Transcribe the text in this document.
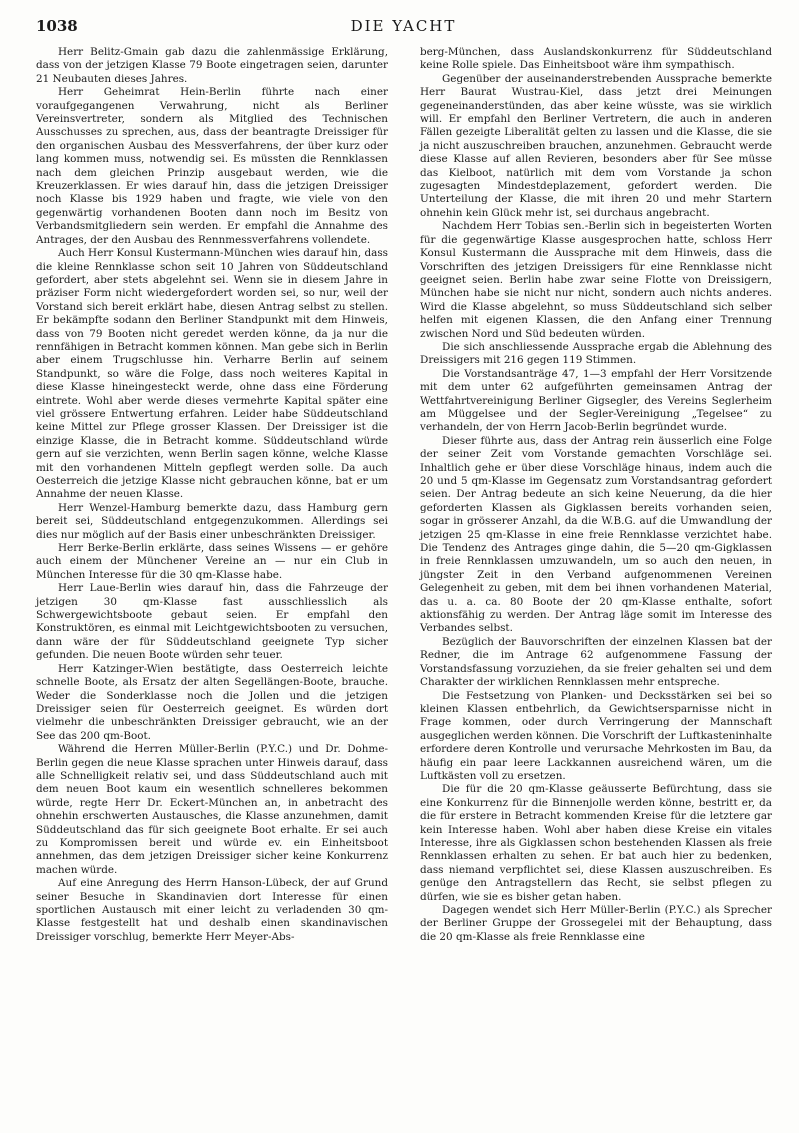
1038	DIE YACHT

Herr Belitz-Gmain gab dazu die zahlenmässige Erklärung, dass von der jetzigen Klasse 79 Boote eingetragen seien, darunter 21 Neubauten dieses Jahres.

Herr Geheimrat Hein-Berlin führte nach einer voraufgegangenen Verwahrung, nicht als Berliner Vereinsvertreter, sondern als Mitglied des Technischen Ausschusses zu sprechen, aus, dass der beantragte Dreissiger für den organischen Ausbau des Messverfahrens, der über kurz oder lang kommen muss, notwendig sei. Es müssten die Rennklassen nach dem gleichen Prinzip ausgebaut werden, wie die Kreuzerklassen. Er wies darauf hin, dass die jetzigen Dreissiger noch Klasse bis 1929 haben und fragte, wie viele von den gegenwärtig vorhandenen Booten dann noch im Besitz von Verbandsmitgliedern sein werden. Er empfahl die Annahme des Antrages, der den Ausbau des Rennmessverfahrens vollendete.

Auch Herr Konsul Kustermann-München wies darauf hin, dass die kleine Rennklasse schon seit 10 Jahren von Süddeutschland gefordert, aber stets abgelehnt sei. Wenn sie in diesem Jahre in präziser Form nicht wiedergefordert worden sei, so nur, weil der Vorstand sich bereit erklärt habe, diesen Antrag selbst zu stellen. Er bekämpfte sodann den Berliner Standpunkt mit dem Hinweis, dass von 79 Booten nicht geredet werden könne, da ja nur die rennfähigen in Betracht kommen können. Man gebe sich in Berlin aber einem Trugschlusse hin. Verharre Berlin auf seinem Standpunkt, so wäre die Folge, dass noch weiteres Kapital in diese Klasse hineingesteckt werde, ohne dass eine Förderung eintrete. Wohl aber werde dieses vermehrte Kapital später eine viel grössere Entwertung erfahren. Leider habe Süddeutschland keine Mittel zur Pflege grosser Klassen. Der Dreissiger ist die einzige Klasse, die in Betracht komme. Süddeutschland würde gern auf sie verzichten, wenn Berlin sagen könne, welche Klasse mit den vorhandenen Mitteln gepflegt werden solle. Da auch Oesterreich die jetzige Klasse nicht gebrauchen könne, bat er um Annahme der neuen Klasse.

Herr Wenzel-Hamburg bemerkte dazu, dass Hamburg gern bereit sei, Süddeutschland entgegenzukommen. Allerdings sei dies nur möglich auf der Basis einer unbeschränkten Dreissiger.

Herr Berke-Berlin erklärte, dass seines Wissens — er gehöre auch einem der Münchener Vereine an — nur ein Club in München Interesse für die 30 qm-Klasse habe.

Herr Laue-Berlin wies darauf hin, dass die Fahrzeuge der jetzigen 30 qm-Klasse fast ausschliesslich als Schwergewichtsboote gebaut seien. Er empfahl den Konstruktören, es einmal mit Leichtgewichtsbooten zu versuchen, dann wäre der für Süddeutschland geeignete Typ sicher gefunden. Die neuen Boote würden sehr teuer.

Herr Katzinger-Wien bestätigte, dass Oesterreich leichte schnelle Boote, als Ersatz der alten Segellängen-Boote, brauche. Weder die Sonderklasse noch die Jollen und die jetzigen Dreissiger seien für Oesterreich geeignet. Es würden dort vielmehr die unbeschränkten Dreissiger gebraucht, wie an der See das 200 qm-Boot.

Während die Herren Müller-Berlin (P.Y.C.) und Dr. Dohme-Berlin gegen die neue Klasse sprachen unter Hinweis darauf, dass alle Schnelligkeit relativ sei, und dass Süddeutschland auch mit dem neuen Boot kaum ein wesentlich schnelleres bekommen würde, regte Herr Dr. Eckert-München an, in anbetracht des ohnehin erschwerten Austausches, die Klasse anzunehmen, damit Süddeutschland das für sich geeignete Boot erhalte. Er sei auch zu Kompromissen bereit und würde ev. ein Einheitsboot annehmen, das dem jetzigen Dreissiger sicher keine Konkurrenz machen würde.

Auf eine Anregung des Herrn Hanson-Lübeck, der auf Grund seiner Besuche in Skandinavien dort Interesse für einen sportlichen Austausch mit einer leicht zu verladenden 30 qm-Klasse festgestellt hat und deshalb einen skandinavischen Dreissiger vorschlug, bemerkte Herr Meyer-Abs-

berg-München, dass Auslandskonkurrenz für Süddeutschland keine Rolle spiele. Das Einheitsboot wäre ihm sympathisch.

Gegenüber der auseinanderstrebenden Aussprache bemerkte Herr Baurat Wustrau-Kiel, dass jetzt drei Meinungen gegeneinanderstünden, das aber keine wüsste, was sie wirklich will. Er empfahl den Berliner Vertretern, die auch in anderen Fällen gezeigte Liberalität gelten zu lassen und die Klasse, die sie ja nicht auszuschreiben brauchen, anzunehmen. Gebraucht werde diese Klasse auf allen Revieren, besonders aber für See müsse das Kielboot, natürlich mit dem vom Vorstande ja schon zugesagten Mindestdeplazement, gefordert werden. Die Unterteilung der Klasse, die mit ihren 20 und mehr Startern ohnehin kein Glück mehr ist, sei durchaus angebracht.

Nachdem Herr Tobias sen.-Berlin sich in begeisterten Worten für die gegenwärtige Klasse ausgesprochen hatte, schloss Herr Konsul Kustermann die Aussprache mit dem Hinweis, dass die Vorschriften des jetzigen Dreissigers für eine Rennklasse nicht geeignet seien. Berlin habe zwar seine Flotte von Dreissigern, München habe sie nicht nur nicht, sondern auch nichts anderes. Wird die Klasse abgelehnt, so muss Süddeutschland sich selber helfen mit eigenen Klassen, die den Anfang einer Trennung zwischen Nord und Süd bedeuten würden.

Die sich anschliessende Aussprache ergab die Ablehnung des Dreissigers mit 216 gegen 119 Stimmen.

Die Vorstandsanträge 47, 1—3 empfahl der Herr Vorsitzende mit dem unter 62 aufgeführten gemeinsamen Antrag der Wettfahrtvereinigung Berliner Gigsegler, des Vereins Seglerheim am Müggelsee und der Segler-Vereinigung „Tegelsee“ zu verhandeln, der von Herrn Jacob-Berlin begründet wurde.

Dieser führte aus, dass der Antrag rein äusserlich eine Folge der seiner Zeit vom Vorstande gemachten Vorschläge sei. Inhaltlich gehe er über diese Vorschläge hinaus, indem auch die 20 und 5 qm-Klasse im Gegensatz zum Vorstandsantrag gefordert seien. Der Antrag bedeute an sich keine Neuerung, da die hier geforderten Klassen als Gigklassen bereits vorhanden seien, sogar in grösserer Anzahl, da die W.B.G. auf die Umwandlung der jetzigen 25 qm-Klasse in eine freie Rennklasse verzichtet habe. Die Tendenz des Antrages ginge dahin, die 5—20 qm-Gigklassen in freie Rennklassen umzuwandeln, um so auch den neuen, in jüngster Zeit in den Verband aufgenommenen Vereinen Gelegenheit zu geben, mit dem bei ihnen vorhandenen Material, das u. a. ca. 80 Boote der 20 qm-Klasse enthalte, sofort aktionsfähig zu werden. Der Antrag läge somit im Interesse des Verbandes selbst.

Bezüglich der Bauvorschriften der einzelnen Klassen bat der Redner, die im Antrage 62 aufgenommene Fassung der Vorstandsfassung vorzuziehen, da sie freier gehalten sei und dem Charakter der wirklichen Rennklassen mehr entspreche.

Die Festsetzung von Planken- und Decksstärken sei bei so kleinen Klassen entbehrlich, da Gewichtsersparnisse nicht in Frage kommen, oder durch Verringerung der Mannschaft ausgeglichen werden können. Die Vorschrift der Luftkasteninhalte erfordere deren Kontrolle und verursache Mehrkosten im Bau, da häufig ein paar leere Lackkannen ausreichend wären, um die Luftkästen voll zu ersetzen.

Die für die 20 qm-Klasse geäusserte Befürchtung, dass sie eine Konkurrenz für die Binnenjolle werden könne, bestritt er, da die für erstere in Betracht kommenden Kreise für die letztere gar kein Interesse haben. Wohl aber haben diese Kreise ein vitales Interesse, ihre als Gigklassen schon bestehenden Klassen als freie Rennklassen erhalten zu sehen. Er bat auch hier zu bedenken, dass niemand verpflichtet sei, diese Klassen auszuschreiben. Es genüge den Antragstellern das Recht, sie selbst pflegen zu dürfen, wie sie es bisher getan haben.

Dagegen wendet sich Herr Müller-Berlin (P.Y.C.) als Sprecher der Berliner Gruppe der Grossegelei mit der Behauptung, dass die 20 qm-Klasse als freie Rennklasse eine
